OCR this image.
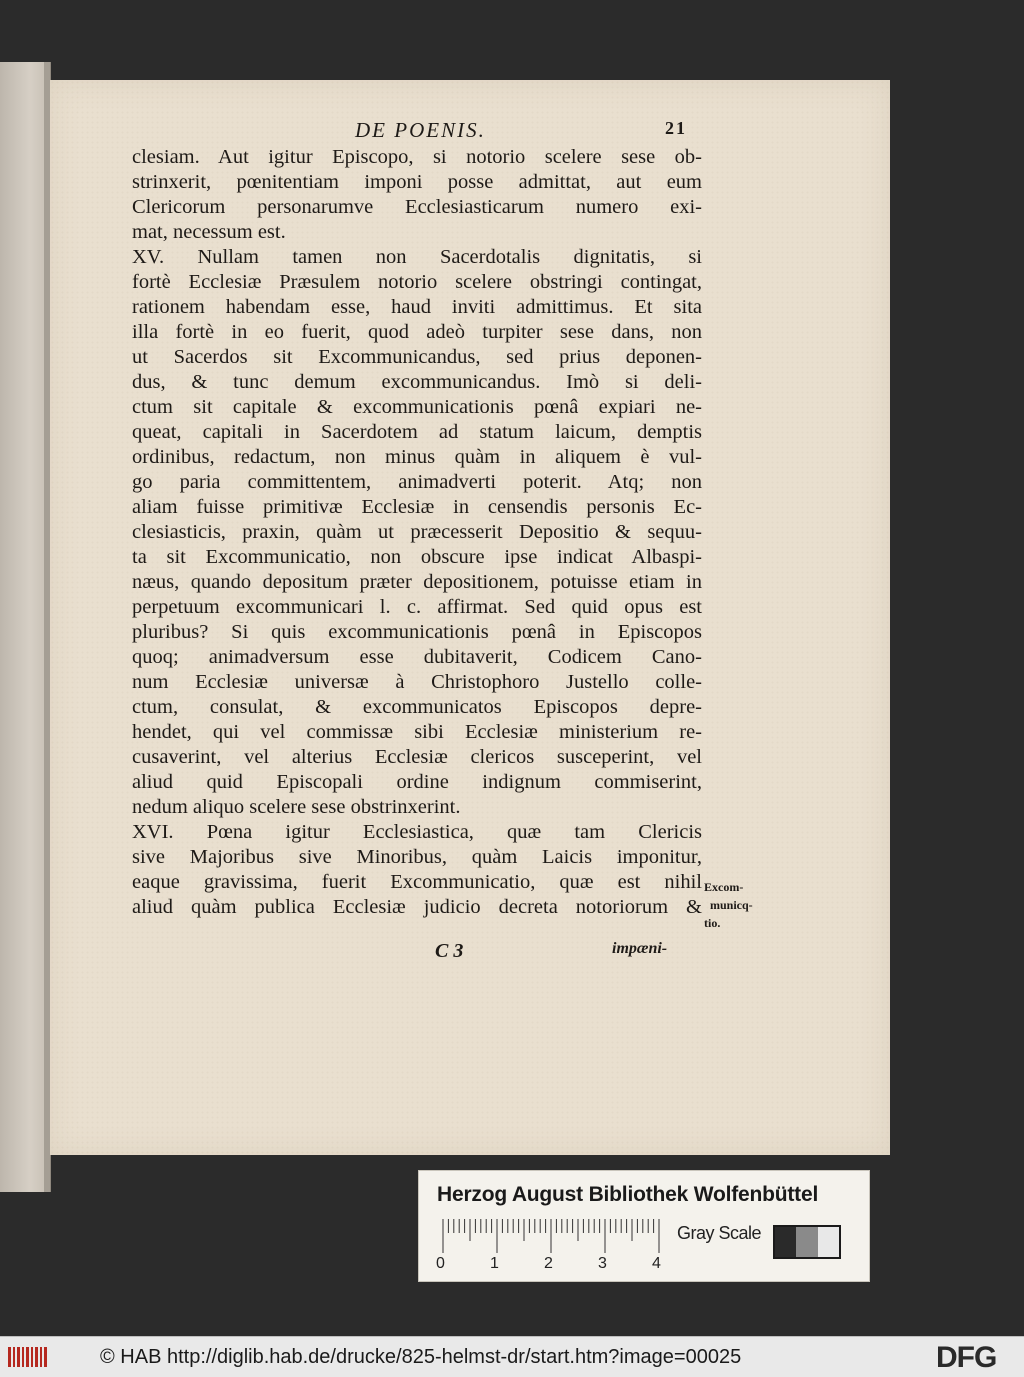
DE POENIS.	21
clesiam. Aut igitur Episcopo, si notorio scelere sese ob-
strinxerit, pœnitentiam imponi posse admittat, aut eum
Clericorum personarumve Ecclesiasticarum numero exi-
mat, necessum est.
XV. Nullam tamen non Sacerdotalis dignitatis, si
fortè Ecclesiæ Præsulem notorio scelere obstringi contingat,
rationem habendam esse, haud inviti admittimus. Et sita
illa fortè in eo fuerit, quod adeò turpiter sese dans, non
ut Sacerdos sit Excommunicandus, sed prius deponen-
dus, & tunc demum excommunicandus. Imò si deli-
ctum sit capitale & excommunicationis pœnâ expiari ne-
queat, capitali in Sacerdotem ad statum laicum, demptis
ordinibus, redactum, non minus quàm in aliquem è vul-
go paria committentem, animadverti poterit. Atq; non
aliam fuisse primitivæ Ecclesiæ in censendis personis Ec-
clesiasticis, praxin, quàm ut præcesserit Depositio & sequu-
ta sit Excommunicatio, non obscure ipse indicat Albaspi-
næus, quando depositum præter depositionem, potuisse etiam in
perpetuum excommunicari l. c. affirmat. Sed quid opus est
pluribus? Si quis excommunicationis pœnâ in Episcopos
quoq; animadversum esse dubitaverit, Codicem Cano-
num Ecclesiæ universæ à Christophoro Justello colle-
ctum, consulat, & excommunicatos Episcopos depre-
hendet, qui vel commissæ sibi Ecclesiæ ministerium re-
cusaverint, vel alterius Ecclesiæ clericos susceperint, vel
aliud quid Episcopali ordine indignum commiserint,
nedum aliquo scelere sese obstrinxerint.
XVI. Pœna igitur Ecclesiastica, quæ tam Clericis
sive Majoribus sive Minoribus, quàm Laicis imponitur,
eaque gravissima, fuerit Excommunicatio, quæ est nihil
aliud quàm publica Ecclesiæ judicio decreta notoriorum &
Excom-
municq-
tio.
C 3	impæni-
Herzog August Bibliothek Wolfenbüttel
0	1	2	3	4
Gray Scale
© HAB http://diglib.hab.de/drucke/825-helmst-dr/start.htm?image=00025	DFG
